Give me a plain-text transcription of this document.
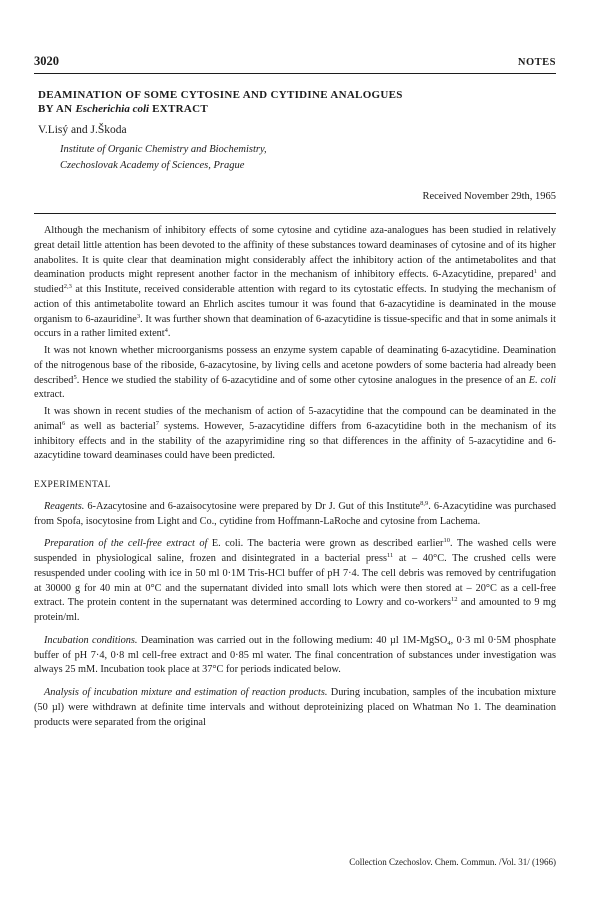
3020	NOTES
DEAMINATION OF SOME CYTOSINE AND CYTIDINE ANALOGUES
BY AN Escherichia coli EXTRACT
V.Lisý and J.Škoda
Institute of Organic Chemistry and Biochemistry,
Czechoslovak Academy of Sciences, Prague
Received November 29th, 1965

Although the mechanism of inhibitory effects of some cytosine and cytidine aza-analogues has been studied in relatively great detail little attention has been devoted to the affinity of these substances toward deaminases of cytosine and of its higher anabolites. It is quite clear that deamination might considerably affect the inhibitory action of the antimetabolites and that deamination products might represent another factor in the mechanism of inhibitory effects. 6-Azacytidine, prepared$^1$ and studied$^{2,3}$ at this Institute, received considerable attention with regard to its cytostatic effects. In studying the mechanism of action of this antimetabolite toward an Ehrlich ascites tumour it was found that 6-azacytidine is deaminated in the mouse organism to 6-azauridine$^3$. It was further shown that deamination of 6-azacytidine is tissue-specific and that in some animals it occurs in a rather limited extent$^4$.

It was not known whether microorganisms possess an enzyme system capable of deaminating 6-azacytidine. Deamination of the nitrogenous base of the riboside, 6-azacytosine, by living cells and acetone powders of some bacteria had already been described$^5$. Hence we studied the stability of 6-azacytidine and of some other cytosine analogues in the presence of an E. coli extract.

It was shown in recent studies of the mechanism of action of 5-azacytidine that the compound can be deaminated in the animal$^6$ as well as bacterial$^7$ systems. However, 5-azacytidine differs from 6-azacytidine both in the mechanism of its inhibitory effects and in the stability of the azapyrimidine ring so that differences in the affinity of 5-azacytidine and 6-azacytidine toward deaminases could have been predicted.

EXPERIMENTAL

Reagents. 6-Azacytosine and 6-azaisocytosine were prepared by Dr J. Gut of this Institute$^{8,9}$. 6-Azacytidine was purchased from Spofa, isocytosine from Light and Co., cytidine from Hoffmann-LaRoche and cytosine from Lachema.

Preparation of the cell-free extract of E. coli. The bacteria were grown as described earlier$^{10}$. The washed cells were suspended in physiological saline, frozen and disintegrated in a bacterial press$^{11}$ at – 40°C. The crushed cells were resuspended under cooling with ice in 50 ml 0·1M Tris-HCl buffer of pH 7·4. The cell debris was removed by centrifugation at 30000 g for 40 min at 0°C and the supernatant divided into small lots which were then stored at – 20°C as a cell-free extract. The protein content in the supernatant was determined according to Lowry and co-workers$^{12}$ and amounted to 9 mg protein/ml.

Incubation conditions. Deamination was carried out in the following medium: 40 µl 1M-MgSO$_4$, 0·3 ml 0·5M phosphate buffer of pH 7·4, 0·8 ml cell-free extract and 0·85 ml water. The final concentration of substances under investigation was always 25 mM. Incubation took place at 37°C for periods indicated below.

Analysis of incubation mixture and estimation of reaction products. During incubation, samples of the incubation mixture (50 µl) were withdrawn at definite time intervals and without deproteinizing placed on Whatman No 1. The deamination products were separated from the original

Collection Czechoslov. Chem. Commun. /Vol. 31/ (1966)
